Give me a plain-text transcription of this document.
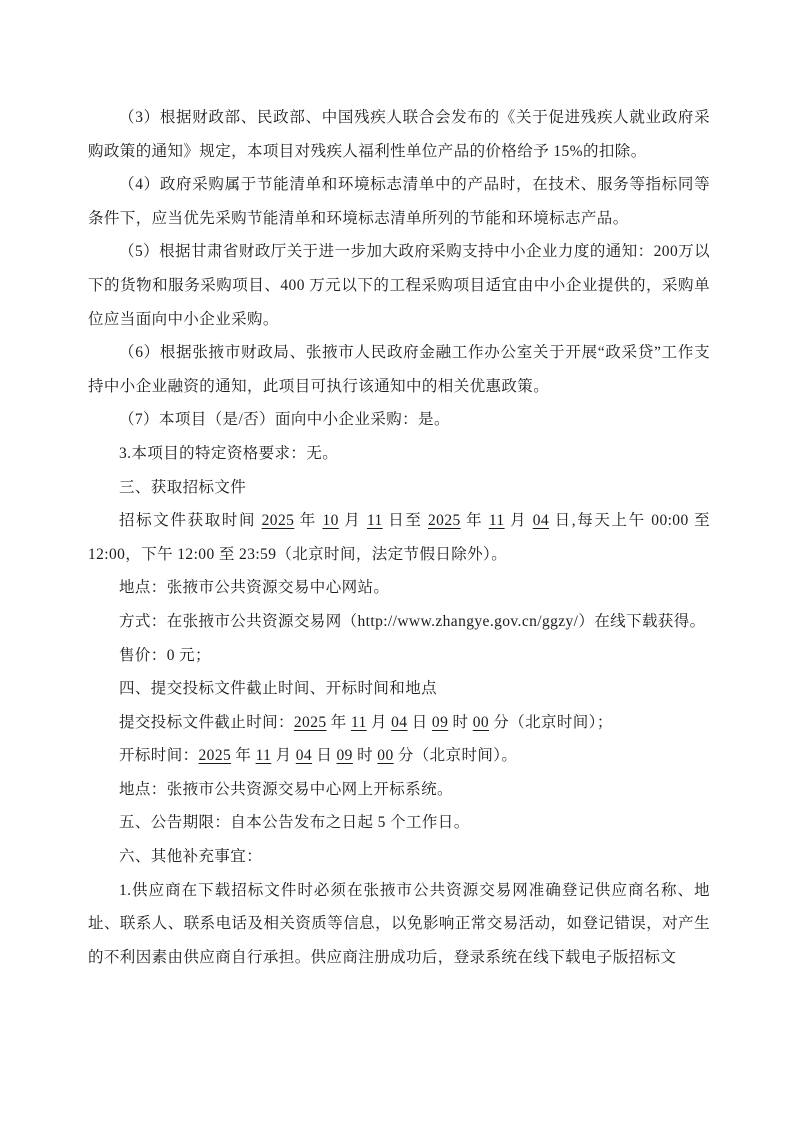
（3）根据财政部、民政部、中国残疾人联合会发布的《关于促进残疾人就业政府采购政策的通知》规定，本项目对残疾人福利性单位产品的价格给予 15%的扣除。

（4）政府采购属于节能清单和环境标志清单中的产品时，在技术、服务等指标同等条件下，应当优先采购节能清单和环境标志清单所列的节能和环境标志产品。

（5）根据甘肃省财政厅关于进一步加大政府采购支持中小企业力度的通知：200万以下的货物和服务采购项目、400 万元以下的工程采购项目适宜由中小企业提供的，采购单位应当面向中小企业采购。

（6）根据张掖市财政局、张掖市人民政府金融工作办公室关于开展“政采贷”工作支持中小企业融资的通知，此项目可执行该通知中的相关优惠政策。

（7）本项目（是/否）面向中小企业采购：是。

3.本项目的特定资格要求：无。

三、获取招标文件

招标文件获取时间 2025 年 10 月 11 日至 2025 年 11 月 04 日,每天上午 00:00 至 12:00，下午 12:00 至 23:59（北京时间，法定节假日除外）。

地点：张掖市公共资源交易中心网站。

方式：在张掖市公共资源交易网（http://www.zhangye.gov.cn/ggzy/）在线下载获得。

售价：0 元；

四、提交投标文件截止时间、开标时间和地点

提交投标文件截止时间：2025 年 11 月 04 日 09 时 00 分（北京时间）；

开标时间：2025 年 11 月 04 日 09 时 00 分（北京时间）。

地点：张掖市公共资源交易中心网上开标系统。

五、公告期限：自本公告发布之日起 5 个工作日。

六、其他补充事宜：

1.供应商在下载招标文件时必须在张掖市公共资源交易网准确登记供应商名称、地址、联系人、联系电话及相关资质等信息，以免影响正常交易活动，如登记错误，对产生的不利因素由供应商自行承担。供应商注册成功后，登录系统在线下载电子版招标文
